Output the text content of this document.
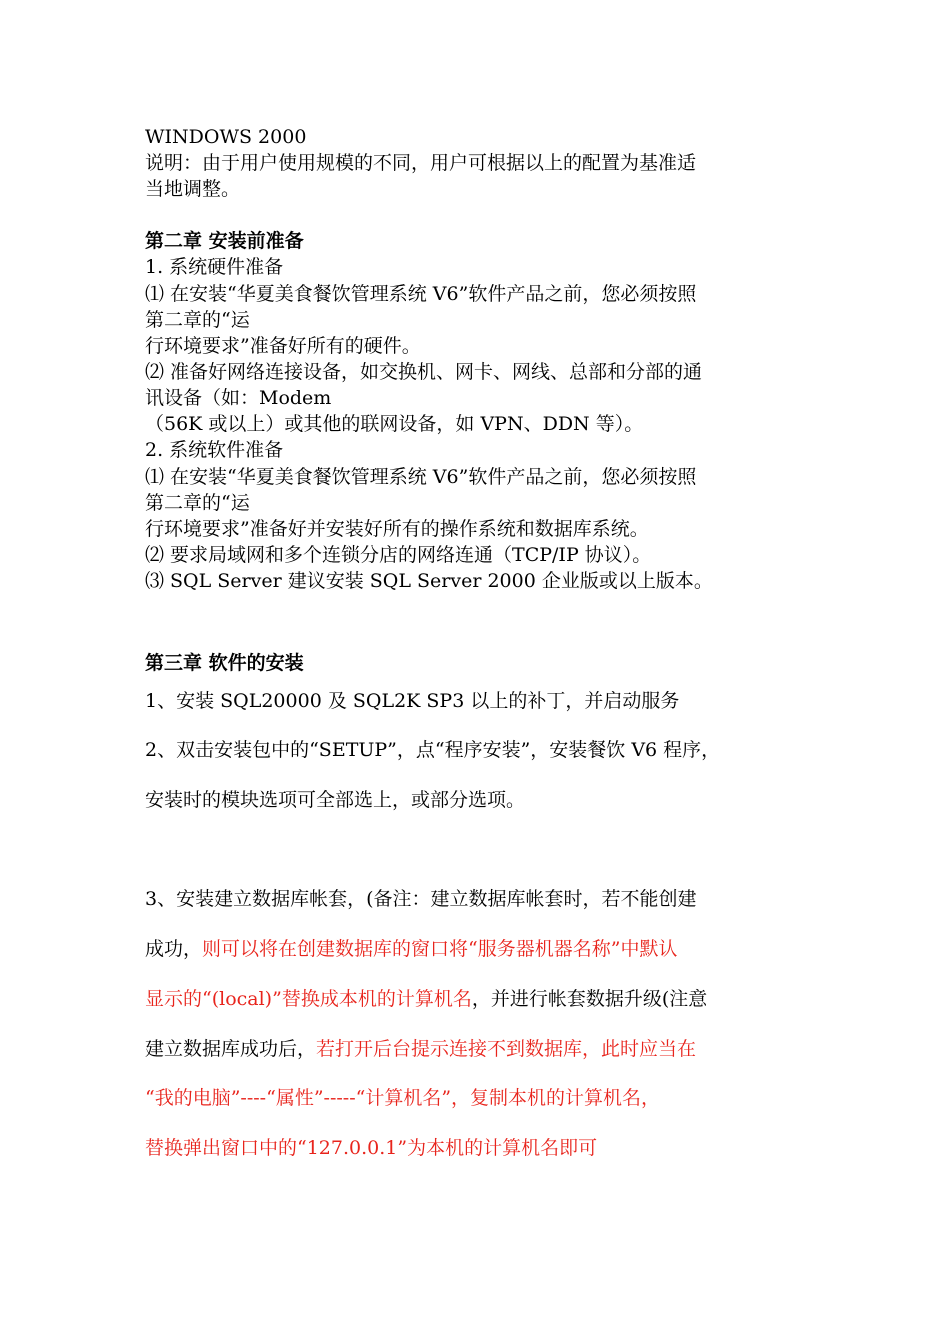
WINDOWS 2000
说明：由于用户使用规模的不同，用户可根据以上的配置为基准适
当地调整。
第二章 安装前准备
1. 系统硬件准备
⑴ 在安装“华夏美食餐饮管理系统 V6”软件产品之前，您必须按照
第二章的“运
行环境要求”准备好所有的硬件。
⑵ 准备好网络连接设备，如交换机、网卡、网线、总部和分部的通
讯设备（如：Modem
（56K 或以上）或其他的联网设备，如 VPN、DDN 等）。
2. 系统软件准备
⑴ 在安装“华夏美食餐饮管理系统 V6”软件产品之前，您必须按照
第二章的“运
行环境要求”准备好并安装好所有的操作系统和数据库系统。
⑵ 要求局域网和多个连锁分店的网络连通（TCP/IP 协议）。
⑶ SQL Server 建议安装 SQL Server 2000 企业版或以上版本。
第三章 软件的安装
1、安装 SQL20000 及 SQL2K SP3 以上的补丁，并启动服务
2、双击安装包中的“SETUP”，点“程序安装”，安装餐饮 V6 程序，
安装时的模块选项可全部选上，或部分选项。
3、安装建立数据库帐套，(备注：建立数据库帐套时，若不能创建
成功，则可以将在创建数据库的窗口将“服务器机器名称”中默认
显示的“(local)”替换成本机的计算机名，并进行帐套数据升级(注意
建立数据库成功后，若打开后台提示连接不到数据库，此时应当在
“我的电脑”----“属性”-----“计算机名”，复制本机的计算机名，
替换弹出窗口中的“127.0.0.1”为本机的计算机名即可
